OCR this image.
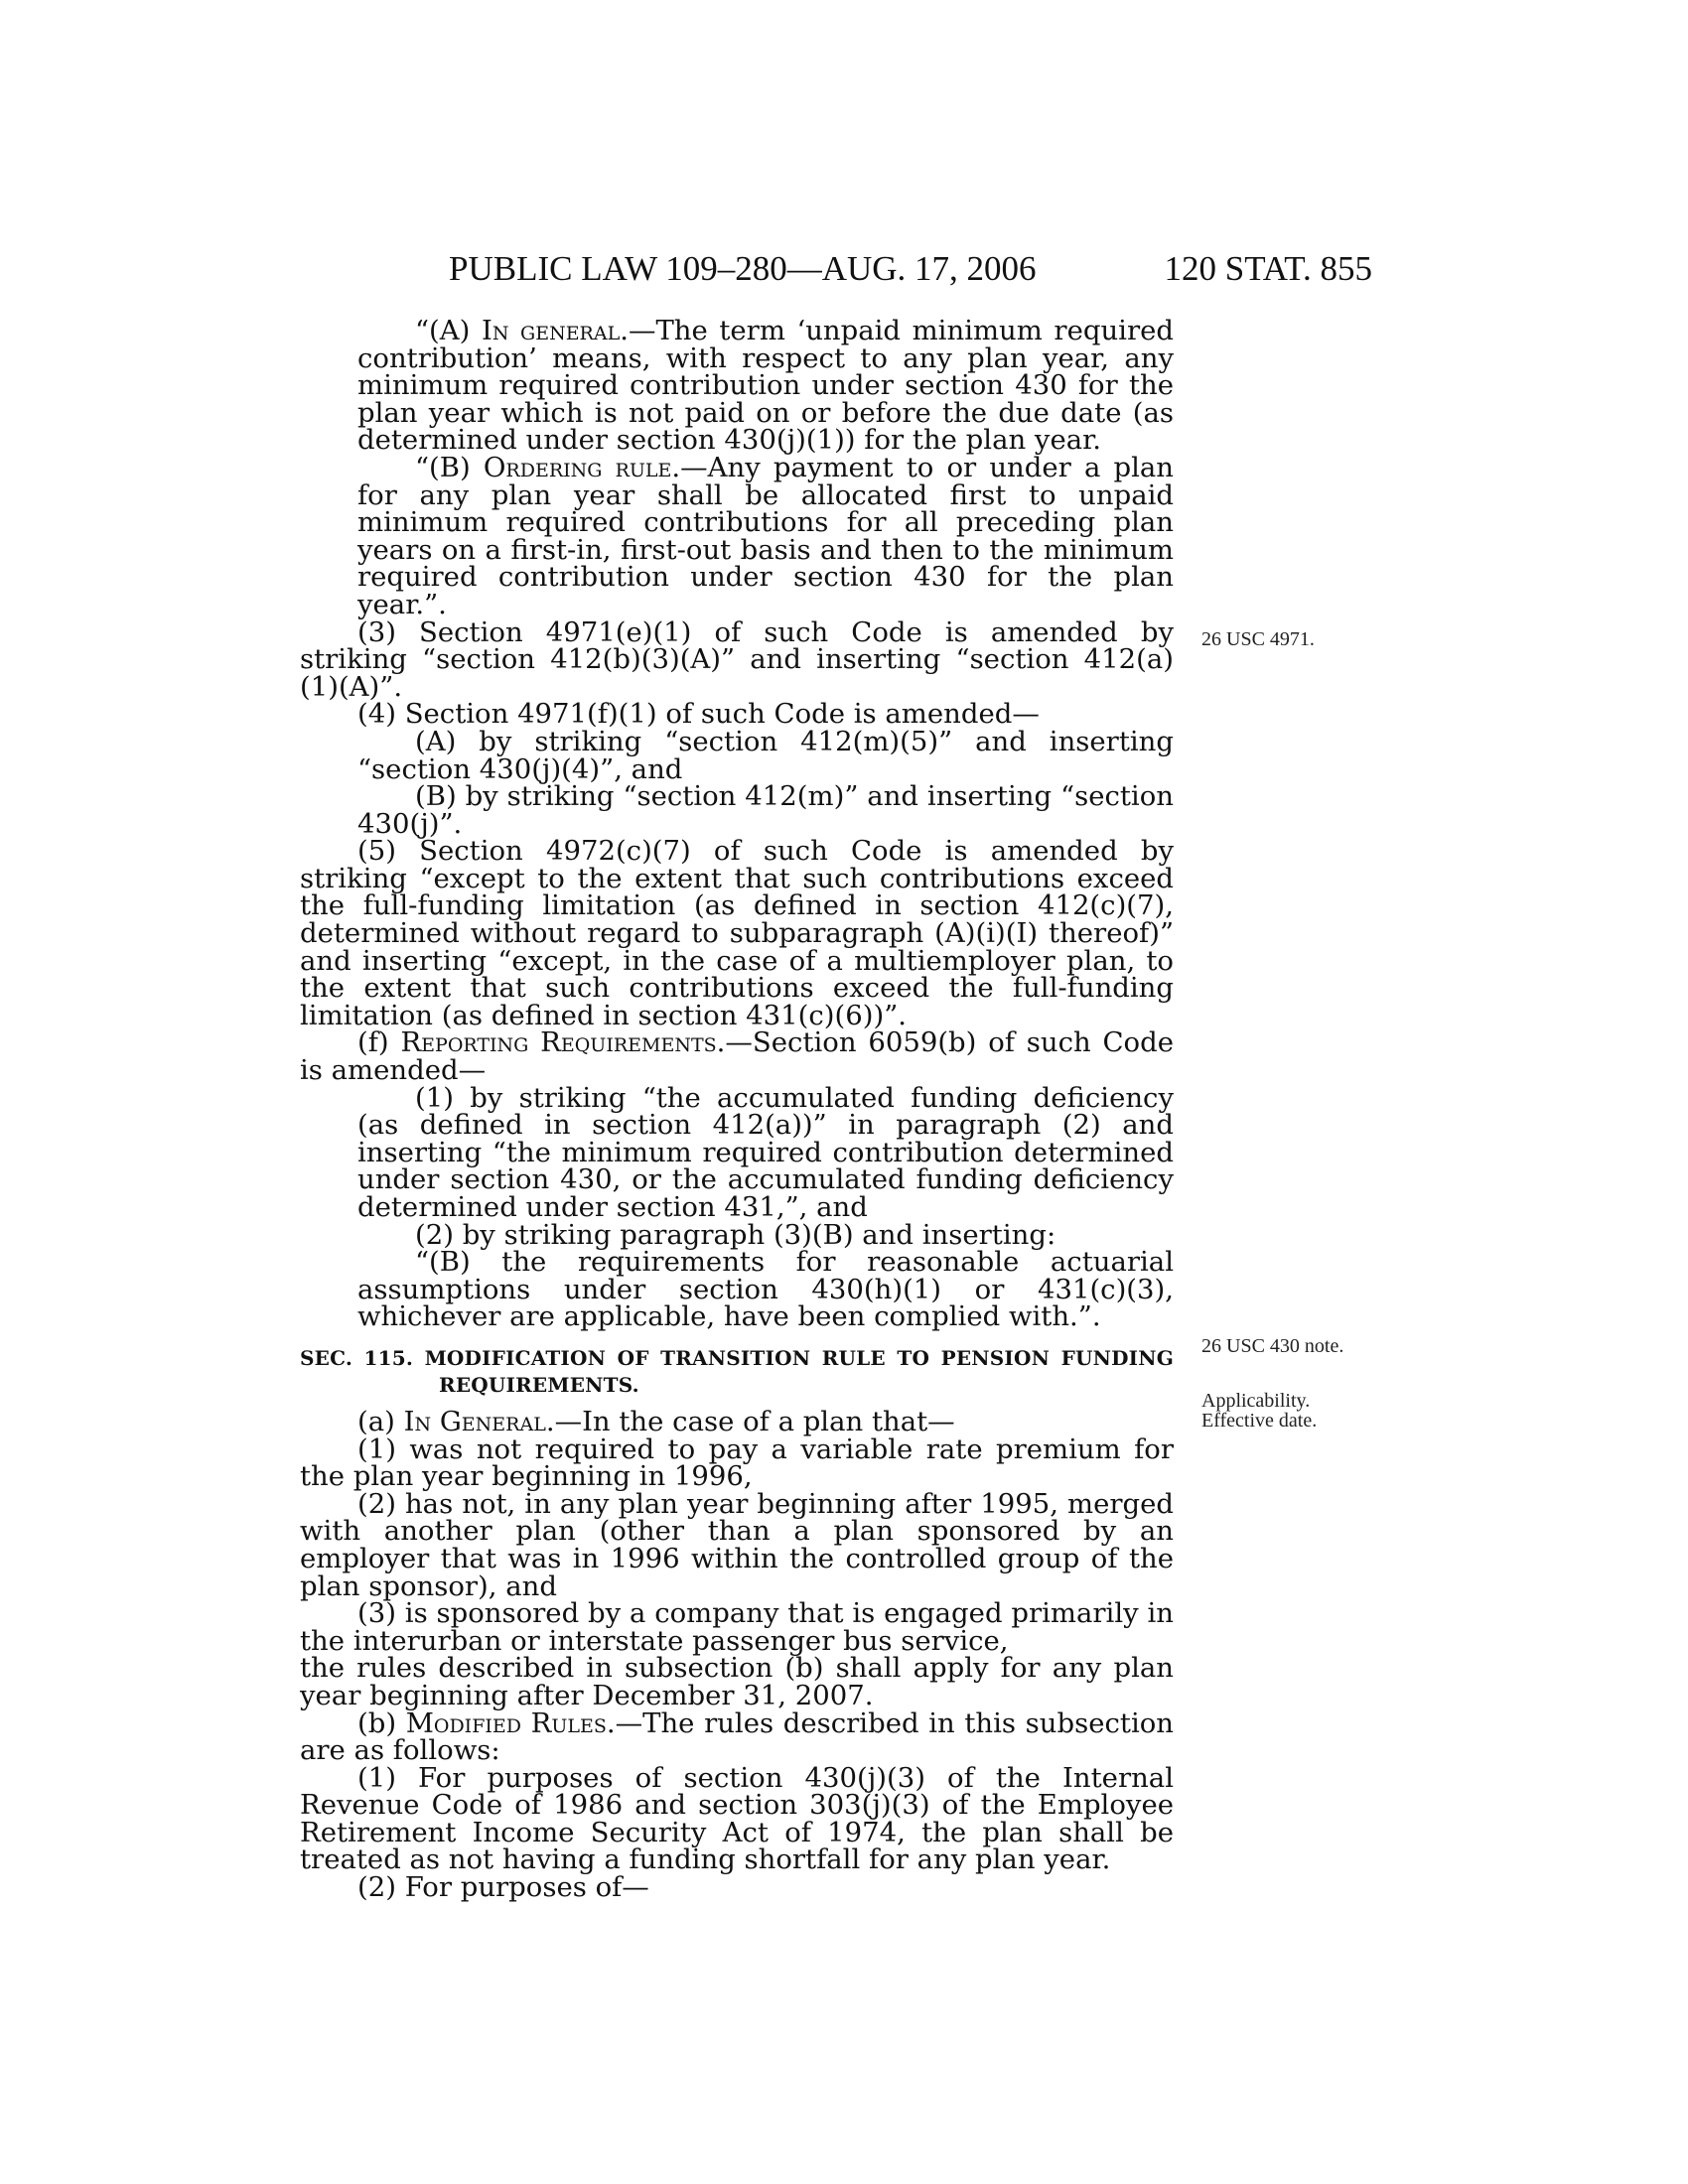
PUBLIC LAW 109–280—AUG. 17, 2006	120 STAT. 855

“(A) In general.—The term ‘unpaid minimum required contribution’ means, with respect to any plan year, any minimum required contribution under section 430 for the plan year which is not paid on or before the due date (as determined under section 430(j)(1)) for the plan year.

“(B) Ordering rule.—Any payment to or under a plan for any plan year shall be allocated first to unpaid minimum required contributions for all preceding plan years on a first-in, first-out basis and then to the minimum required contribution under section 430 for the plan year.”.

(3) Section 4971(e)(1) of such Code is amended by striking “section 412(b)(3)(A)” and inserting “section 412(a)(1)(A)”.

(4) Section 4971(f)(1) of such Code is amended—

(A) by striking “section 412(m)(5)” and inserting “section 430(j)(4)”, and

(B) by striking “section 412(m)” and inserting “section 430(j)”.

(5) Section 4972(c)(7) of such Code is amended by striking “except to the extent that such contributions exceed the full-funding limitation (as defined in section 412(c)(7), determined without regard to subparagraph (A)(i)(I) thereof)” and inserting “except, in the case of a multiemployer plan, to the extent that such contributions exceed the full-funding limitation (as defined in section 431(c)(6))”.

(f) Reporting Requirements.—Section 6059(b) of such Code is amended—

(1) by striking “the accumulated funding deficiency (as defined in section 412(a))” in paragraph (2) and inserting “the minimum required contribution determined under section 430, or the accumulated funding deficiency determined under section 431,”, and

(2) by striking paragraph (3)(B) and inserting:

“(B) the requirements for reasonable actuarial assumptions under section 430(h)(1) or 431(c)(3), whichever are applicable, have been complied with.”.

SEC. 115. MODIFICATION OF TRANSITION RULE TO PENSION FUNDING REQUIREMENTS.

(a) In General.—In the case of a plan that—

(1) was not required to pay a variable rate premium for the plan year beginning in 1996,

(2) has not, in any plan year beginning after 1995, merged with another plan (other than a plan sponsored by an employer that was in 1996 within the controlled group of the plan sponsor), and

(3) is sponsored by a company that is engaged primarily in the interurban or interstate passenger bus service,

the rules described in subsection (b) shall apply for any plan year beginning after December 31, 2007.

(b) Modified Rules.—The rules described in this subsection are as follows:

(1) For purposes of section 430(j)(3) of the Internal Revenue Code of 1986 and section 303(j)(3) of the Employee Retirement Income Security Act of 1974, the plan shall be treated as not having a funding shortfall for any plan year.

(2) For purposes of—

26 USC 4971.
26 USC 430 note.
Applicability.
Effective date.
